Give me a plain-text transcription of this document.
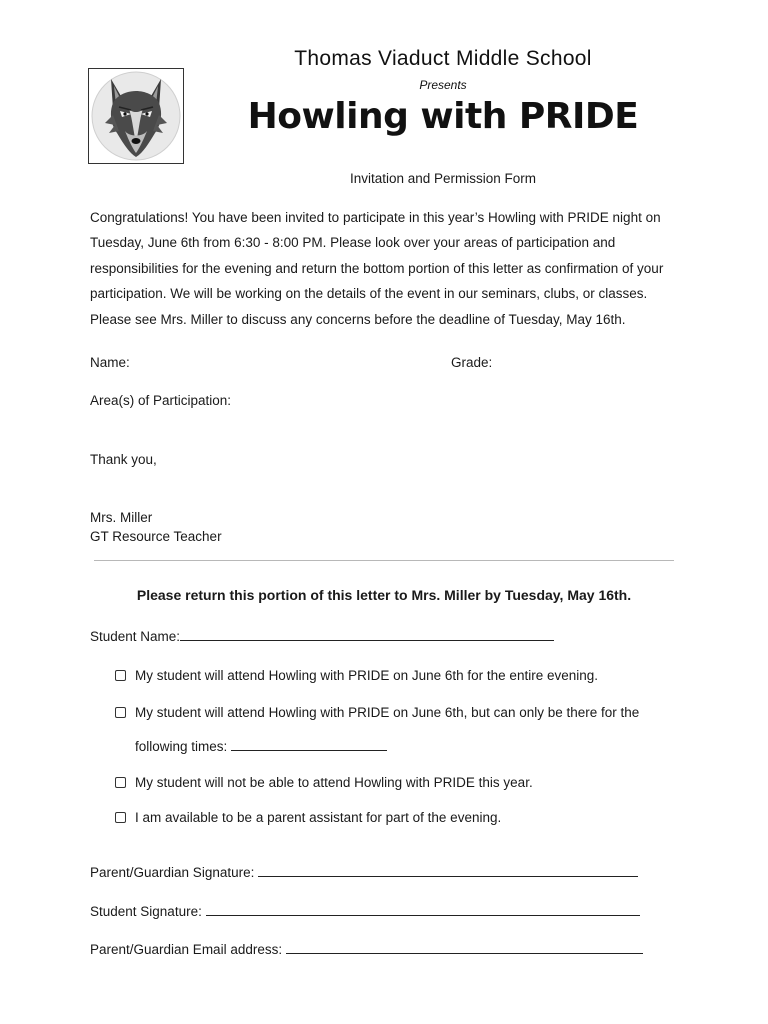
Thomas Viaduct Middle School
Presents
Howling with PRIDE
Invitation and Permission Form
Congratulations! You have been invited to participate in this year’s Howling with PRIDE night on Tuesday, June 6th from 6:30 - 8:00 PM. Please look over your areas of participation and responsibilities for the evening and return the bottom portion of this letter as confirmation of your participation. We will be working on the details of the event in our seminars, clubs, or classes. Please see Mrs. Miller to discuss any concerns before the deadline of Tuesday, May 16th.
Name:	Grade:
Area(s) of Participation:
Thank you,
Mrs. Miller
GT Resource Teacher
Please return this portion of this letter to Mrs. Miller by Tuesday, May 16th.
Student Name:
My student will attend Howling with PRIDE on June 6th for the entire evening.
My student will attend Howling with PRIDE on June 6th, but can only be there for the
following times:
My student will not be able to attend Howling with PRIDE this year.
I am available to be a parent assistant for part of the evening.
Parent/Guardian Signature:
Student Signature:
Parent/Guardian Email address:
